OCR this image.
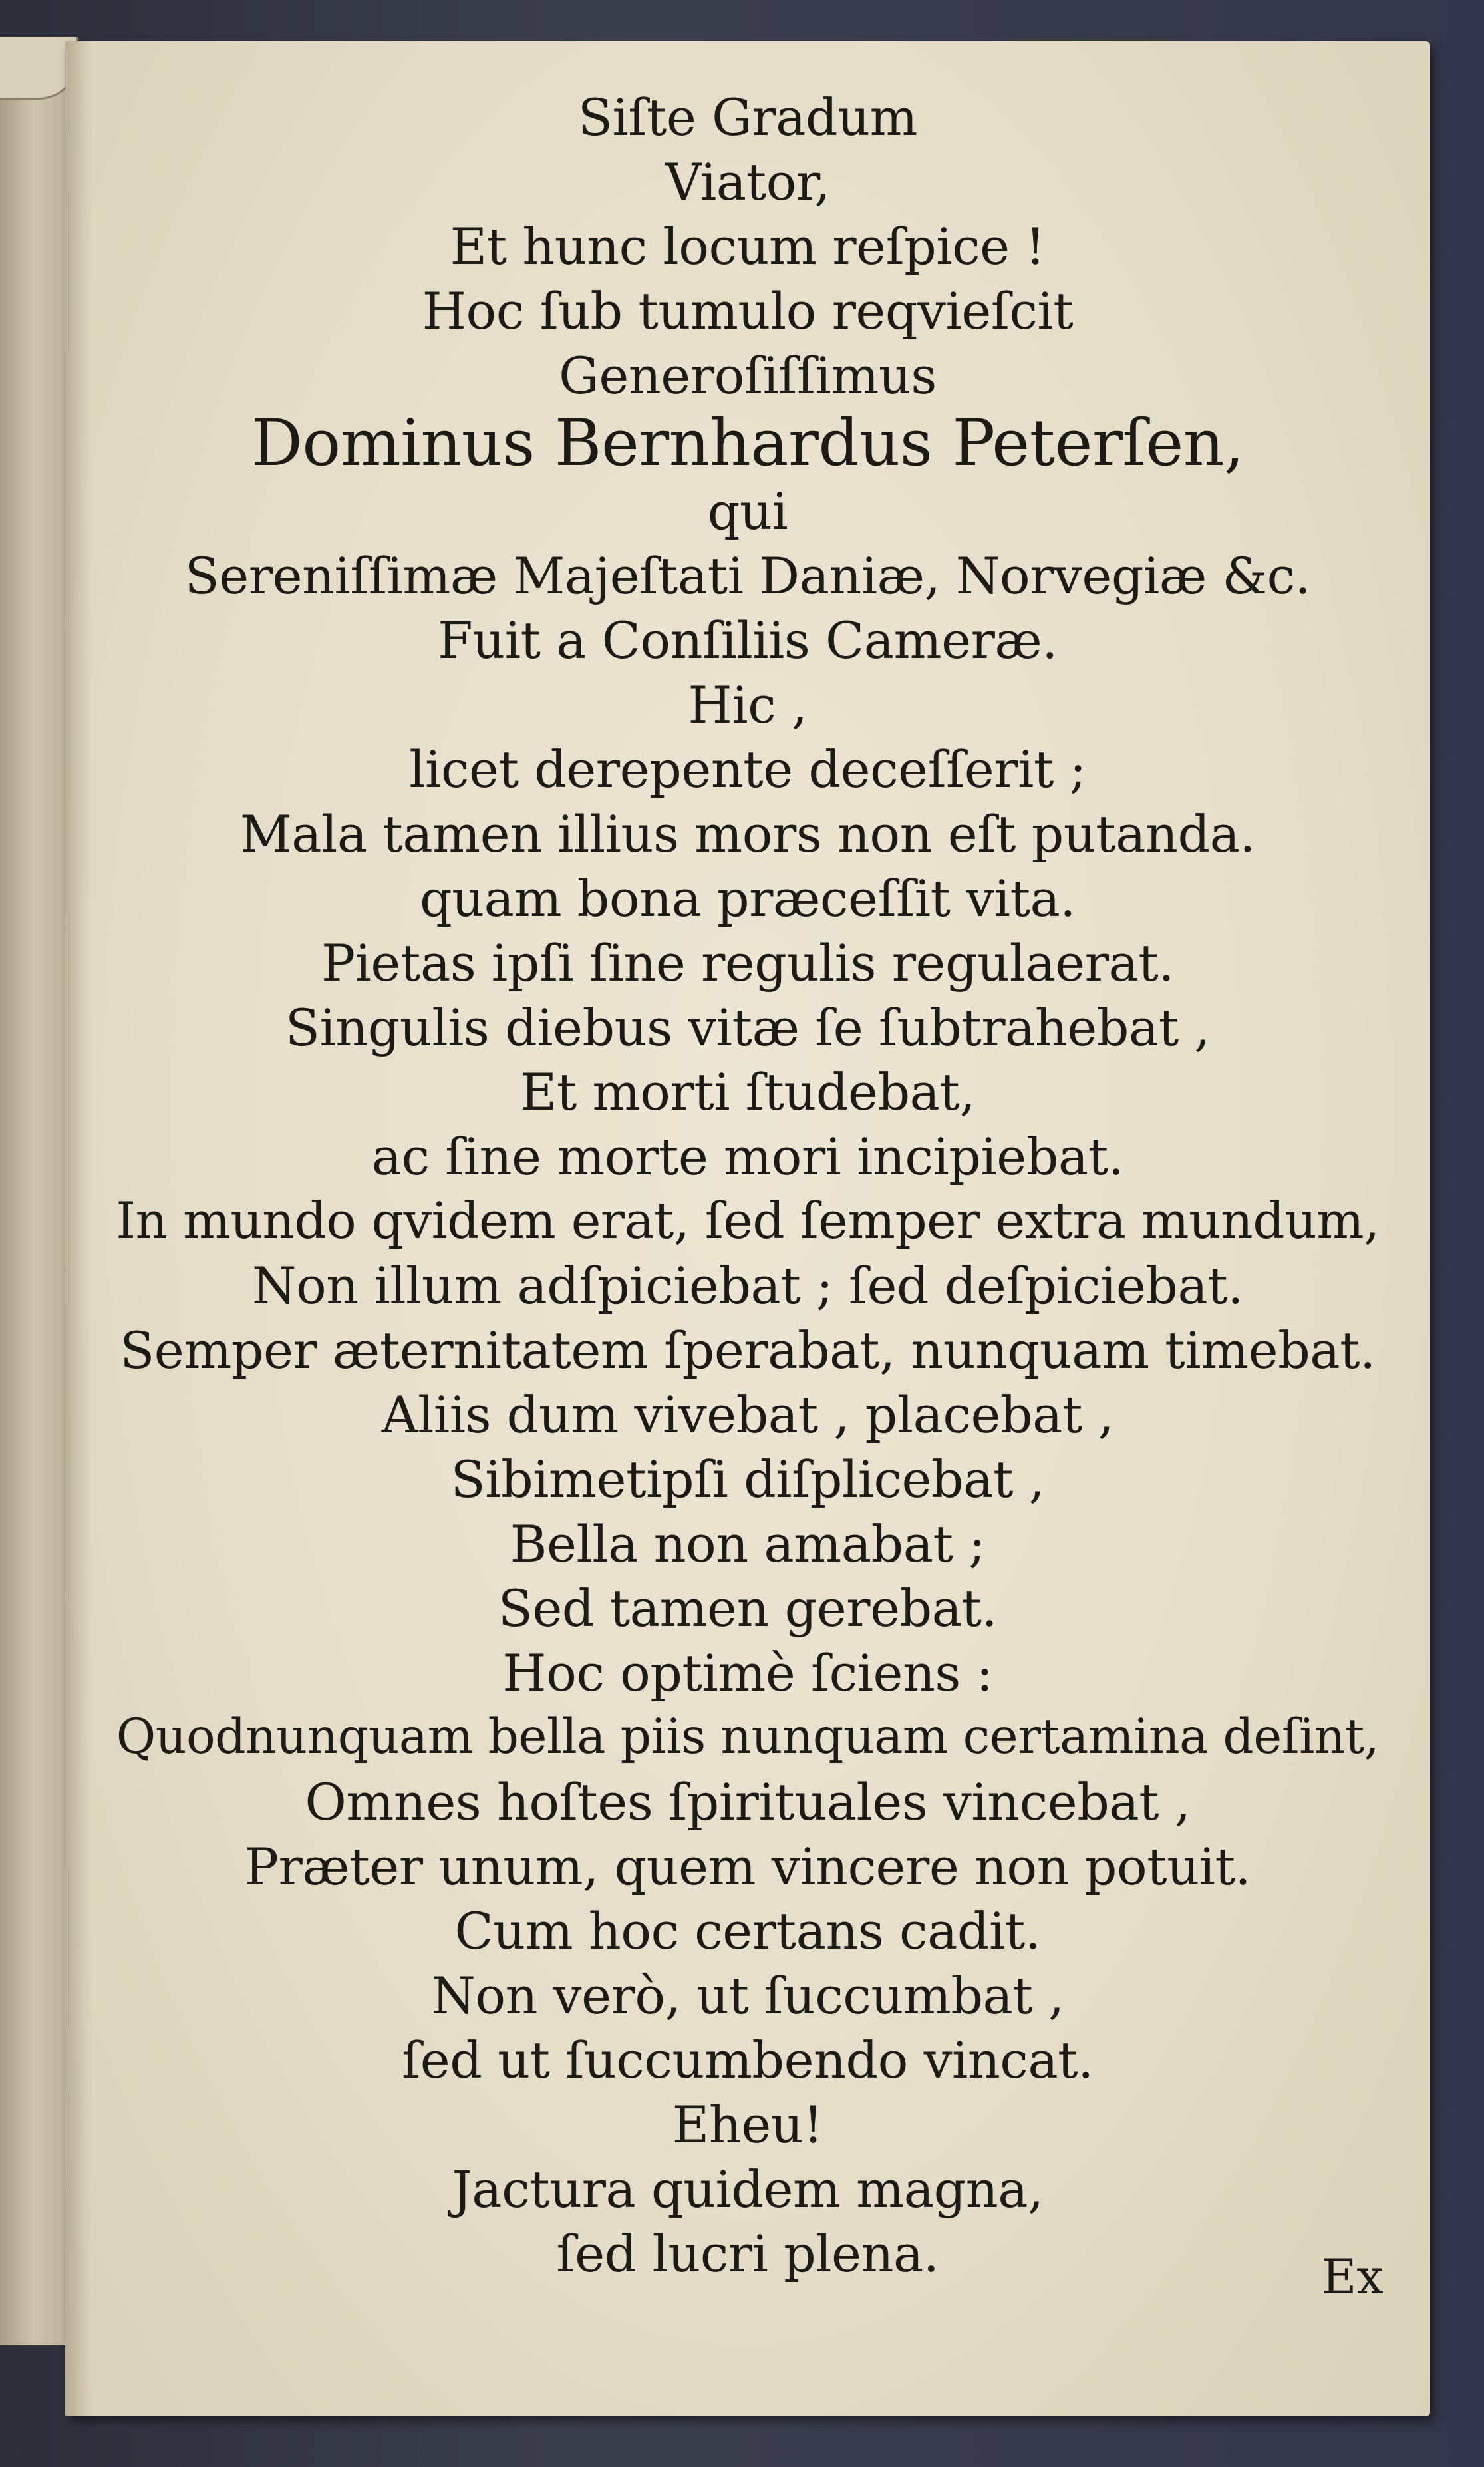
Siſte Gradum
Viator,
Et hunc locum reſpice !
Hoc ſub tumulo reqvieſcit
Generoſiſſimus
Dominus Bernhardus Peterſen,
qui
Sereniſſimæ Majeſtati Daniæ, Norvegiæ &c.
Fuit a Conſiliis Cameræ.
Hic ,
licet derepente deceſſerit ;
Mala tamen illius mors non eſt putanda.
quam bona præceſſit vita.
Pietas ipſi ſine regulis regulaerat.
Singulis diebus vitæ ſe ſubtrahebat ,
Et morti ſtudebat,
ac ſine morte mori incipiebat.
In mundo qvidem erat, ſed ſemper extra mundum,
Non illum adſpiciebat ; ſed deſpiciebat.
Semper æternitatem ſperabat, nunquam timebat.
Aliis dum vivebat , placebat ,
Sibimetipſi diſplicebat ,
Bella non amabat ;
Sed tamen gerebat.
Hoc optimè ſciens :
Quodnunquam bella piis nunquam certamina deſint,
Omnes hoſtes ſpirituales vincebat ,
Præter unum, quem vincere non potuit.
Cum hoc certans cadit.
Non verò, ut ſuccumbat ,
ſed ut ſuccumbendo vincat.
Eheu!
Jactura quidem magna,
ſed lucri plena.	Ex
